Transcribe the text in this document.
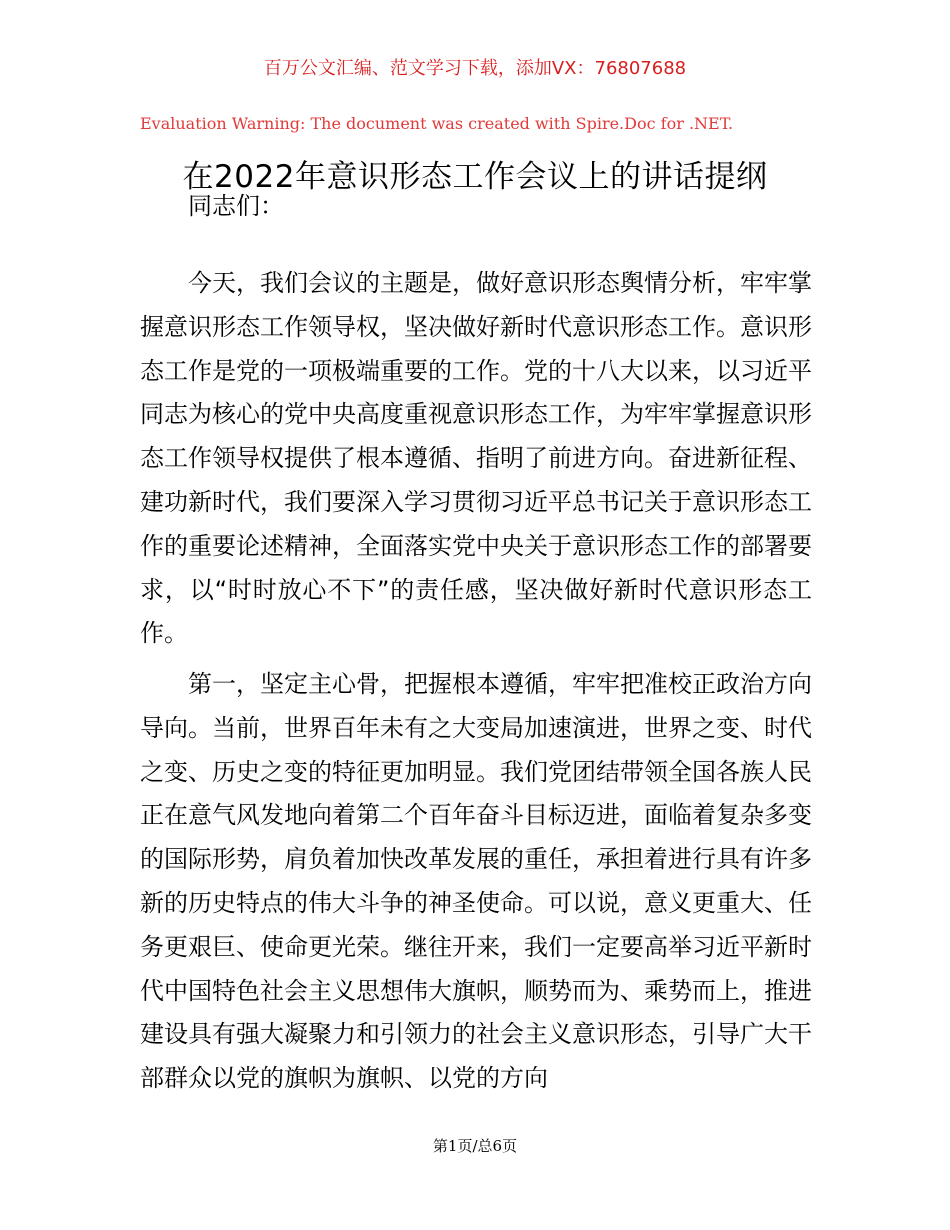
百万公文汇编、范文学习下载，添加VX：76807688
Evaluation Warning: The document was created with Spire.Doc for .NET.
在2022年意识形态工作会议上的讲话提纲

同志们：

今天，我们会议的主题是，做好意识形态舆情分析，牢牢掌握意识形态工作领导权，坚决做好新时代意识形态工作。意识形态工作是党的一项极端重要的工作。党的十八大以来，以习近平同志为核心的党中央高度重视意识形态工作，为牢牢掌握意识形态工作领导权提供了根本遵循、指明了前进方向。奋进新征程、建功新时代，我们要深入学习贯彻习近平总书记关于意识形态工作的重要论述精神，全面落实党中央关于意识形态工作的部署要求，以“时时放心不下”的责任感，坚决做好新时代意识形态工作。

第一，坚定主心骨，把握根本遵循，牢牢把准校正政治方向导向。当前，世界百年未有之大变局加速演进，世界之变、时代之变、历史之变的特征更加明显。我们党团结带领全国各族人民正在意气风发地向着第二个百年奋斗目标迈进，面临着复杂多变的国际形势，肩负着加快改革发展的重任，承担着进行具有许多新的历史特点的伟大斗争的神圣使命。可以说，意义更重大、任务更艰巨、使命更光荣。继往开来，我们一定要高举习近平新时代中国特色社会主义思想伟大旗帜，顺势而为、乘势而上，推进建设具有强大凝聚力和引领力的社会主义意识形态，引导广大干部群众以党的旗帜为旗帜、以党的方向

第1页/总6页
